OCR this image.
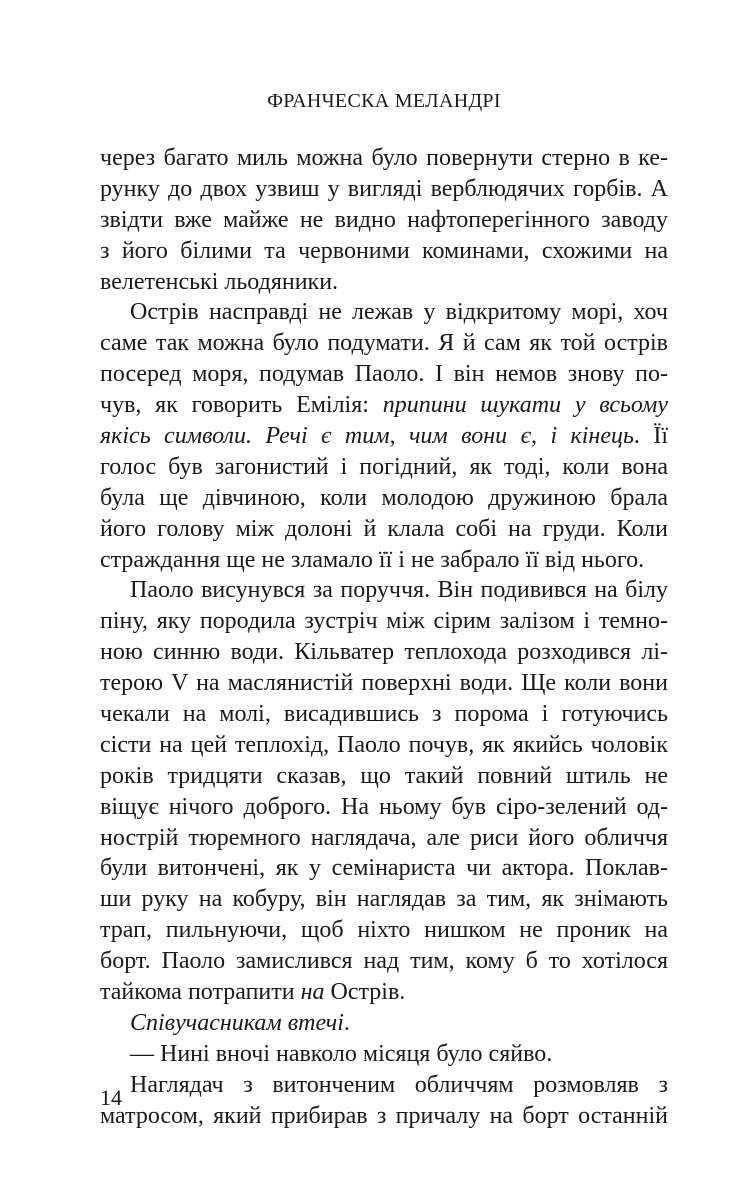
ФРАНЧЕСКА МЕЛАНДРІ
через багато миль можна було повернути стерно в ке-
рунку до двох узвиш у вигляді верблюдячих горбів. А
звідти вже майже не видно нафтоперегінного заводу
з його білими та червоними коминами, схожими на
велетенські льодяники.
Острів насправді не лежав у відкритому морі, хоч
саме так можна було подумати. Я й сам як той острів
посеред моря, подумав Паоло. І він немов знову по-
чув, як говорить Емілія: припини шукати у всьому
якісь символи. Речі є тим, чим вони є, і кінець. Її
голос був загонистий і погідний, як тоді, коли вона
була ще дівчиною, коли молодою дружиною брала
його голову між долоні й клала собі на груди. Коли
страждання ще не зламало її і не забрало її від нього.
Паоло висунувся за поруччя. Він подивився на білу
піну, яку породила зустріч між сірим залізом і темно-
ною синню води. Кільватер теплохода розходився лі-
терою V на маслянистій поверхні води. Ще коли вони
чекали на молі, висадившись з порома і готуючись
сісти на цей теплохід, Паоло почув, як якийсь чоловік
років тридцяти сказав, що такий повний штиль не
віщує нічого доброго. На ньому був сіро-зелений од-
нострій тюремного наглядача, але риси його обличчя
були витончені, як у семінариста чи актора. Поклав-
ши руку на кобуру, він наглядав за тим, як знімають
трап, пильнуючи, щоб ніхто нишком не проник на
борт. Паоло замислився над тим, кому б то хотілося
тайкома потрапити на Острів.
Співучасникам втечі.
— Нині вночі навколо місяця було сяйво.
Наглядач з витонченим обличчям розмовляв з
матросом, який прибирав з причалу на борт останній
14
